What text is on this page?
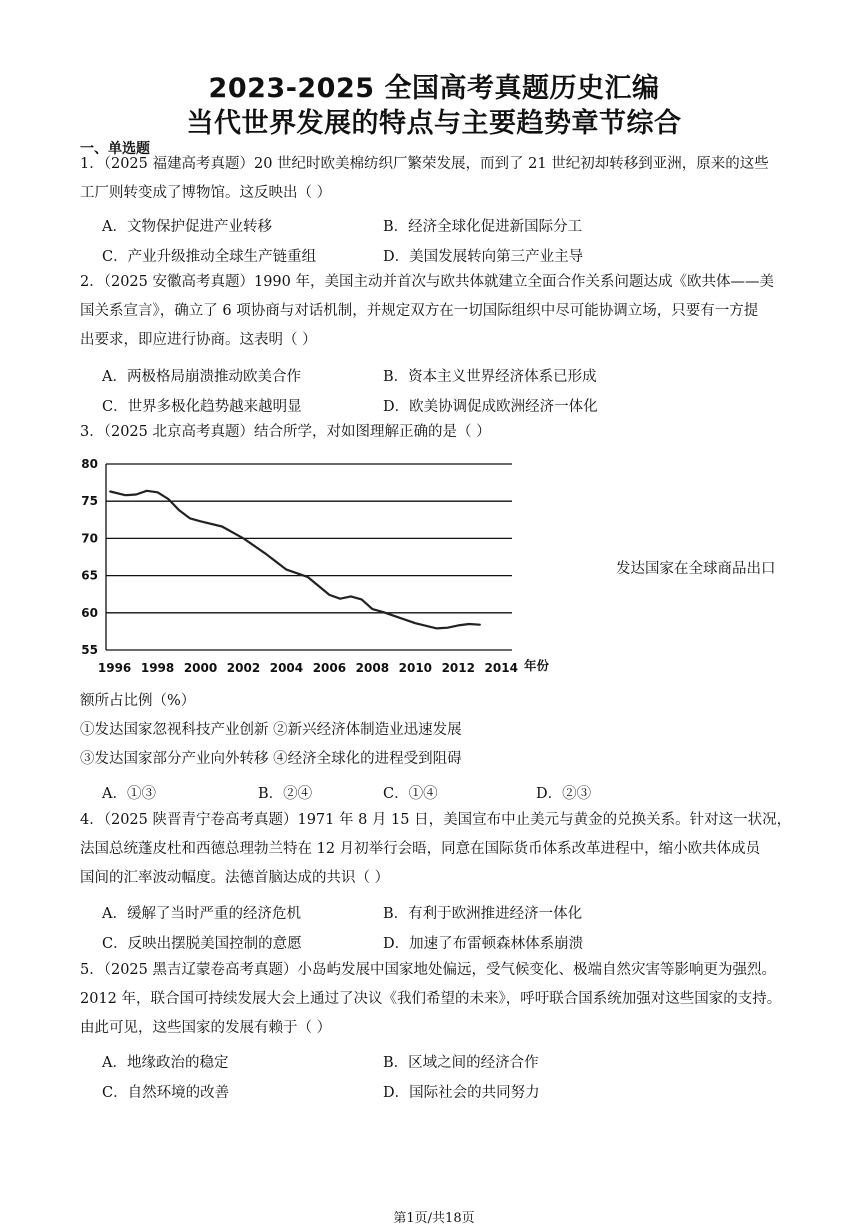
2023-2025 全国高考真题历史汇编
当代世界发展的特点与主要趋势章节综合
一、单选题
1．（2025 福建高考真题）20 世纪时欧美棉纺织厂繁荣发展，而到了 21 世纪初却转移到亚洲，原来的这些
工厂则转变成了博物馆。这反映出（ ）
A．文物保护促进产业转移	B．经济全球化促进新国际分工
C．产业升级推动全球生产链重组	D．美国发展转向第三产业主导
2．（2025 安徽高考真题）1990 年，美国主动并首次与欧共体就建立全面合作关系问题达成《欧共体——美
国关系宣言》，确立了 6 项协商与对话机制，并规定双方在一切国际组织中尽可能协调立场，只要有一方提
出要求，即应进行协商。这表明（ ）
A．两极格局崩溃推动欧美合作	B．资本主义世界经济体系已形成
C．世界多极化趋势越来越明显	D．欧美协调促成欧洲经济一体化
3．（2025 北京高考真题）结合所学，对如图理解正确的是（ ）
55
60
65
70
75
80
1996 1998 2000 2002 2004 2006 2008 2010 2012 2014 年份
发达国家在全球商品出口
额所占比例（%）
①发达国家忽视科技产业创新 ②新兴经济体制造业迅速发展
③发达国家部分产业向外转移 ④经济全球化的进程受到阻碍
A．①③	B．②④	C．①④	D．②③
4．（2025 陕晋青宁卷高考真题）1971 年 8 月 15 日，美国宣布中止美元与黄金的兑换关系。针对这一状况，
法国总统蓬皮杜和西德总理勃兰特在 12 月初举行会晤，同意在国际货币体系改革进程中，缩小欧共体成员
国间的汇率波动幅度。法德首脑达成的共识（ ）
A．缓解了当时严重的经济危机	B．有利于欧洲推进经济一体化
C．反映出摆脱美国控制的意愿	D．加速了布雷顿森林体系崩溃
5．（2025 黑吉辽蒙卷高考真题）小岛屿发展中国家地处偏远，受气候变化、极端自然灾害等影响更为强烈。
2012 年，联合国可持续发展大会上通过了决议《我们希望的未来》，呼吁联合国系统加强对这些国家的支持。
由此可见，这些国家的发展有赖于（ ）
A．地缘政治的稳定	B．区域之间的经济合作
C．自然环境的改善	D．国际社会的共同努力
第1页/共18页
